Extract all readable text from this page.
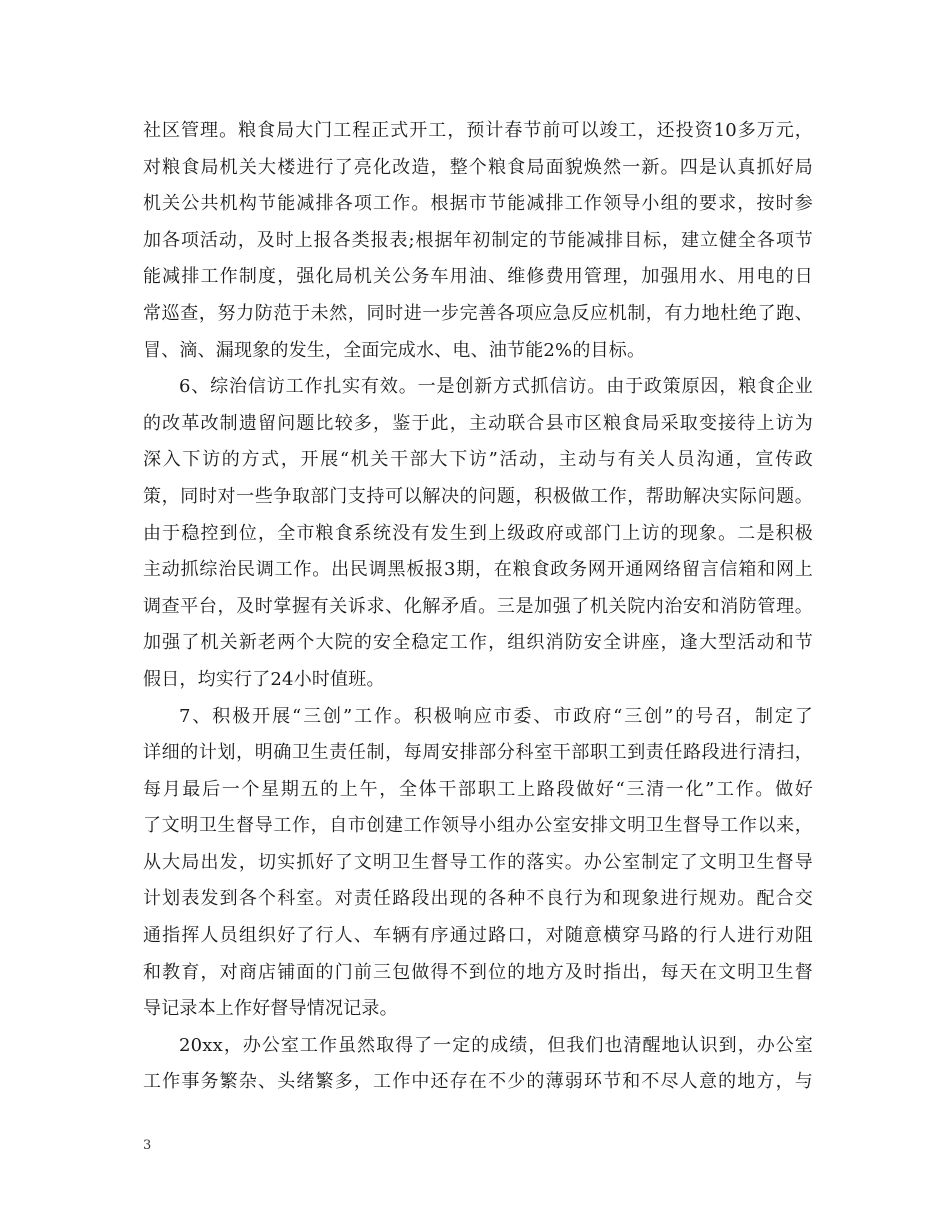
社区管理。粮食局大门工程正式开工，预计春节前可以竣工，还投资10多万元，
对粮食局机关大楼进行了亮化改造，整个粮食局面貌焕然一新。四是认真抓好局
机关公共机构节能减排各项工作。根据市节能减排工作领导小组的要求，按时参
加各项活动，及时上报各类报表;根据年初制定的节能减排目标，建立健全各项节
能减排工作制度，强化局机关公务车用油、维修费用管理，加强用水、用电的日
常巡查，努力防范于未然，同时进一步完善各项应急反应机制，有力地杜绝了跑、
冒、滴、漏现象的发生，全面完成水、电、油节能2%的目标。
6、综治信访工作扎实有效。一是创新方式抓信访。由于政策原因，粮食企业
的改革改制遗留问题比较多，鉴于此，主动联合县市区粮食局采取变接待上访为
深入下访的方式，开展“机关干部大下访”活动，主动与有关人员沟通，宣传政
策，同时对一些争取部门支持可以解决的问题，积极做工作，帮助解决实际问题。
由于稳控到位，全市粮食系统没有发生到上级政府或部门上访的现象。二是积极
主动抓综治民调工作。出民调黑板报3期，在粮食政务网开通网络留言信箱和网上
调查平台，及时掌握有关诉求、化解矛盾。三是加强了机关院内治安和消防管理。
加强了机关新老两个大院的安全稳定工作，组织消防安全讲座，逢大型活动和节
假日，均实行了24小时值班。
7、积极开展“三创”工作。积极响应市委、市政府“三创”的号召，制定了
详细的计划，明确卫生责任制，每周安排部分科室干部职工到责任路段进行清扫，
每月最后一个星期五的上午，全体干部职工上路段做好“三清一化”工作。做好
了文明卫生督导工作，自市创建工作领导小组办公室安排文明卫生督导工作以来，
从大局出发，切实抓好了文明卫生督导工作的落实。办公室制定了文明卫生督导
计划表发到各个科室。对责任路段出现的各种不良行为和现象进行规劝。配合交
通指挥人员组织好了行人、车辆有序通过路口，对随意横穿马路的行人进行劝阻
和教育，对商店铺面的门前三包做得不到位的地方及时指出，每天在文明卫生督
导记录本上作好督导情况记录。
20xx，办公室工作虽然取得了一定的成绩，但我们也清醒地认识到，办公室
工作事务繁杂、头绪繁多，工作中还存在不少的薄弱环节和不尽人意的地方，与
3
